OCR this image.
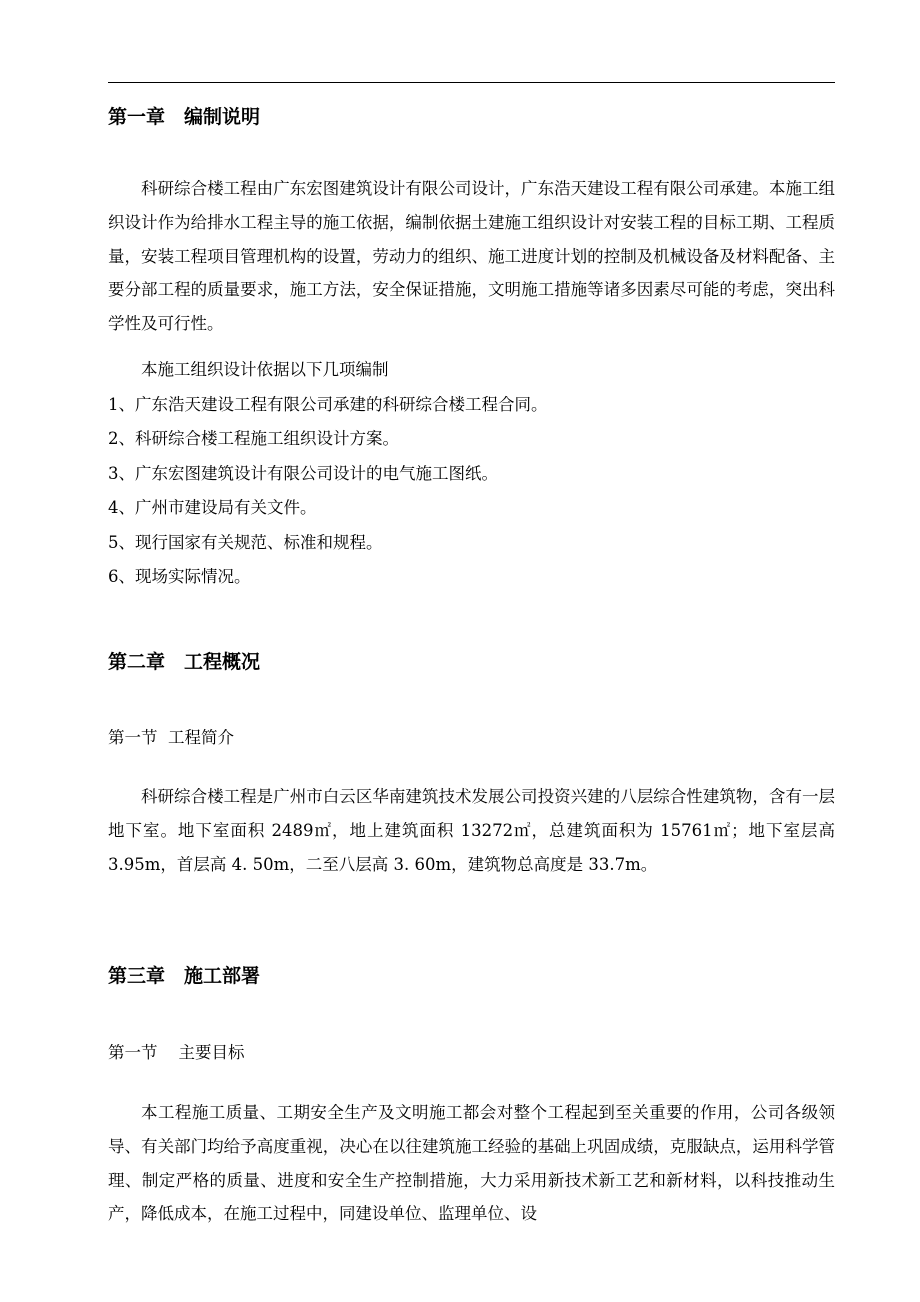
第一章　编制说明

科研综合楼工程由广东宏图建筑设计有限公司设计，广东浩天建设工程有限公司承建。本施工组织设计作为给排水工程主导的施工依据，编制依据土建施工组织设计对安装工程的目标工期、工程质量，安装工程项目管理机构的设置，劳动力的组织、施工进度计划的控制及机械设备及材料配备、主要分部工程的质量要求，施工方法，安全保证措施，文明施工措施等诸多因素尽可能的考虑，突出科学性及可行性。

本施工组织设计依据以下几项编制
1、广东浩天建设工程有限公司承建的科研综合楼工程合同。
2、科研综合楼工程施工组织设计方案。
3、广东宏图建筑设计有限公司设计的电气施工图纸。
4、广州市建设局有关文件。
5、现行国家有关规范、标准和规程。
6、现场实际情况。
第二章　工程概况
第一节  工程简介

科研综合楼工程是广州市白云区华南建筑技术发展公司投资兴建的八层综合性建筑物，含有一层地下室。地下室面积 2489㎡，地上建筑面积 13272㎡，总建筑面积为 15761㎡；地下室层高 3.95m，首层高 4. 50m，二至八层高 3. 60m，建筑物总高度是 33.7m。

第三章　施工部署
第一节    主要目标

本工程施工质量、工期安全生产及文明施工都会对整个工程起到至关重要的作用，公司各级领导、有关部门均给予高度重视，决心在以往建筑施工经验的基础上巩固成绩，克服缺点，运用科学管理、制定严格的质量、进度和安全生产控制措施，大力采用新技术新工艺和新材料，以科技推动生产，降低成本，在施工过程中，同建设单位、监理单位、设
